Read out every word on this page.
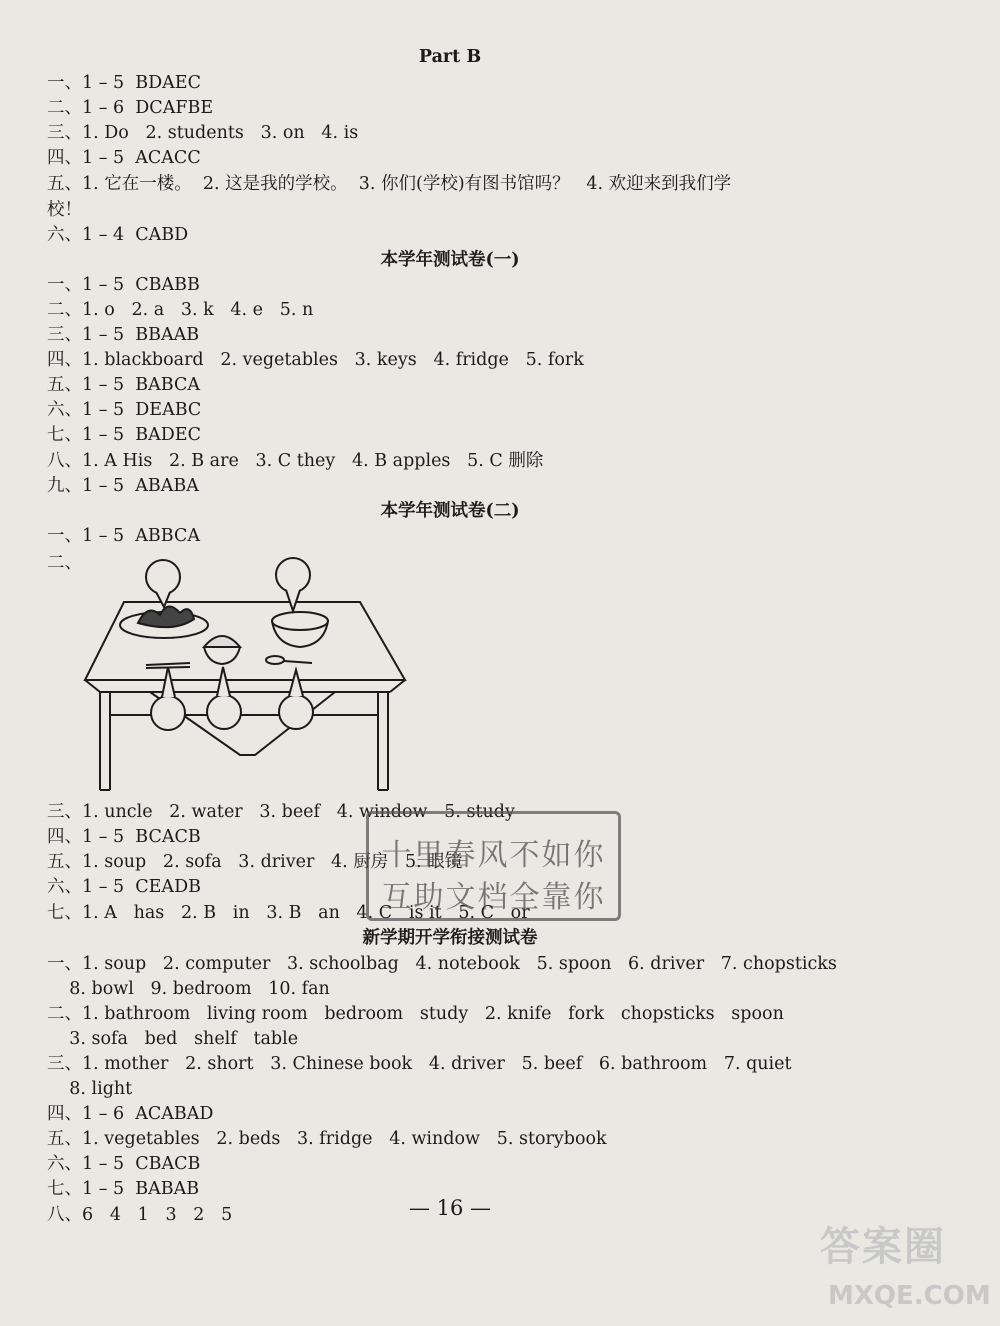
Part B
一、1 – 5  BDAEC
二、1 – 6  DCAFBE
三、1. Do   2. students   3. on   4. is
四、1 – 5  ACACC
五、1. 它在一楼。  2. 这是我的学校。  3. 你们(学校)有图书馆吗？   4. 欢迎来到我们学
校！
六、1 – 4  CABD
本学年测试卷(一)
一、1 – 5  CBABB
二、1. o   2. a   3. k   4. e   5. n
三、1 – 5  BBAAB
四、1. blackboard   2. vegetables   3. keys   4. fridge   5. fork
五、1 – 5  BABCA
六、1 – 5  DEABC
七、1 – 5  BADEC
八、1. A His   2. B are   3. C they   4. B apples   5. C 删除
九、1 – 5  ABABA
本学年测试卷(二)
一、1 – 5  ABBCA
二、
三、1. uncle   2. water   3. beef   4. window   5. study
四、1 – 5  BCACB
五、1. soup   2. sofa   3. driver   4. 厨房   5. 眼镜
六、1 – 5  CEADB
七、1. A   has   2. B   in   3. B   an   4. C   is it   5. C   or
新学期开学衔接测试卷
一、1. soup   2. computer   3. schoolbag   4. notebook   5. spoon   6. driver   7. chopsticks
8. bowl   9. bedroom   10. fan
二、1. bathroom   living room   bedroom   study   2. knife   fork   chopsticks   spoon
3. sofa   bed   shelf   table
三、1. mother   2. short   3. Chinese book   4. driver   5. beef   6. bathroom   7. quiet
8. light
四、1 – 6  ACABAD
五、1. vegetables   2. beds   3. fridge   4. window   5. storybook
六、1 – 5  CBACB
七、1 – 5  BABAB
八、6   4   1   3   2   5	— 16 —
十里春风不如你
互助文档全靠你
答案圈
MXQE.COM
